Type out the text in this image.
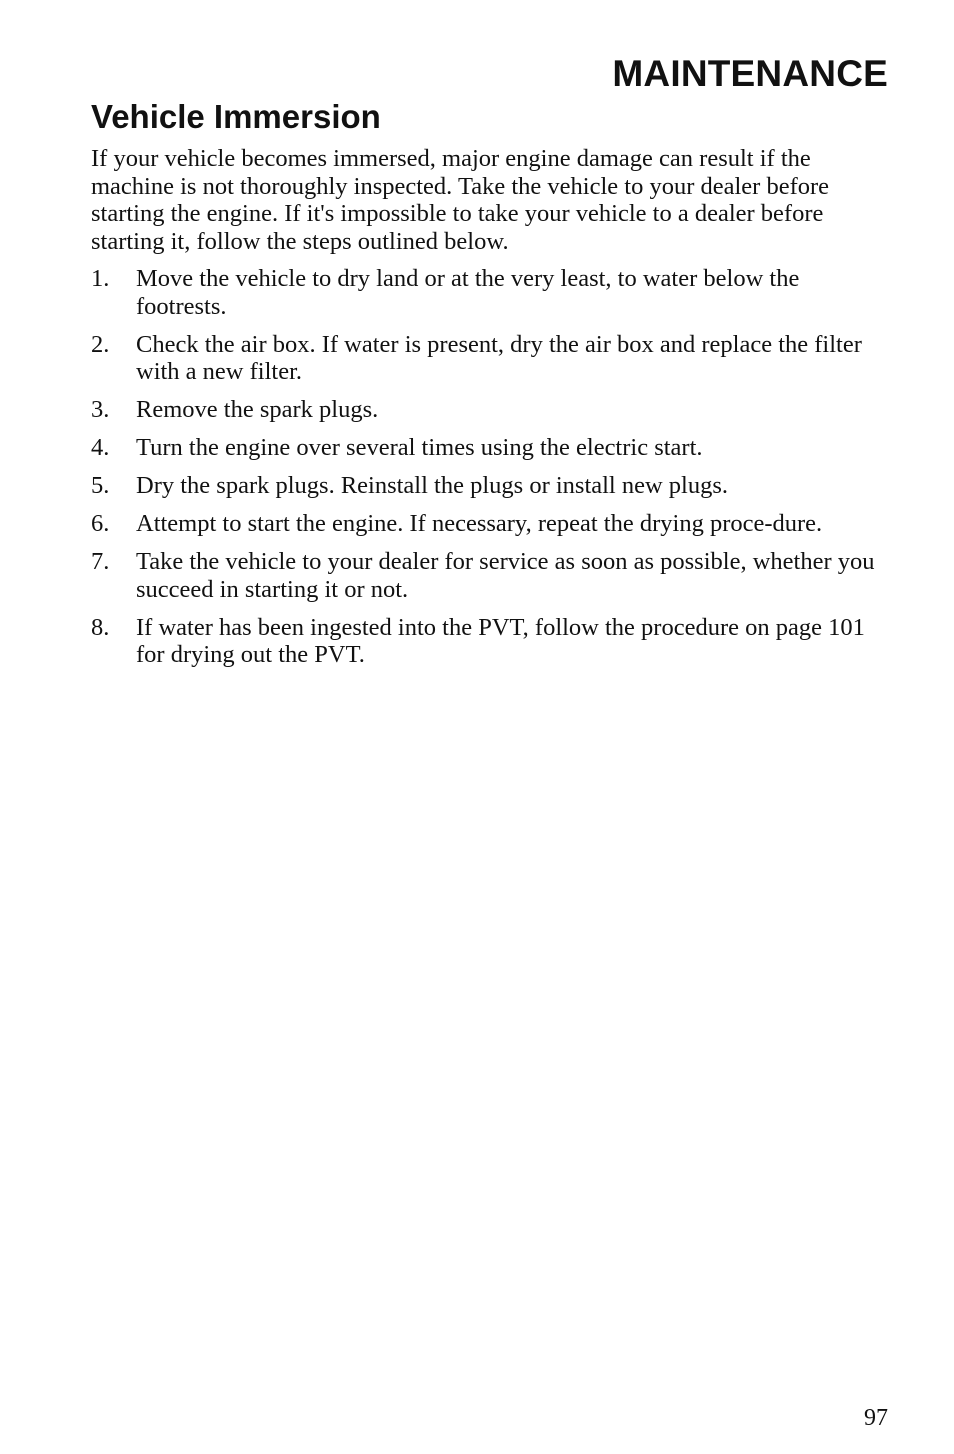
MAINTENANCE
Vehicle Immersion

If your vehicle becomes immersed, major engine damage can result if the machine is not thoroughly inspected. Take the vehicle to your dealer before starting the engine. If it's impossible to take your vehicle to a dealer before starting it, follow the steps outlined below.

1.	Move the vehicle to dry land or at the very least, to water below the footrests.
2.	Check the air box. If water is present, dry the air box and replace the filter with a new filter.
3.	Remove the spark plugs.
4.	Turn the engine over several times using the electric start.
5.	Dry the spark plugs. Reinstall the plugs or install new plugs.
6.	Attempt to start the engine. If necessary, repeat the drying proce-dure.
7.	Take the vehicle to your dealer for service as soon as possible, whether you succeed in starting it or not.
8.	If water has been ingested into the PVT, follow the procedure on page 101 for drying out the PVT.
97
